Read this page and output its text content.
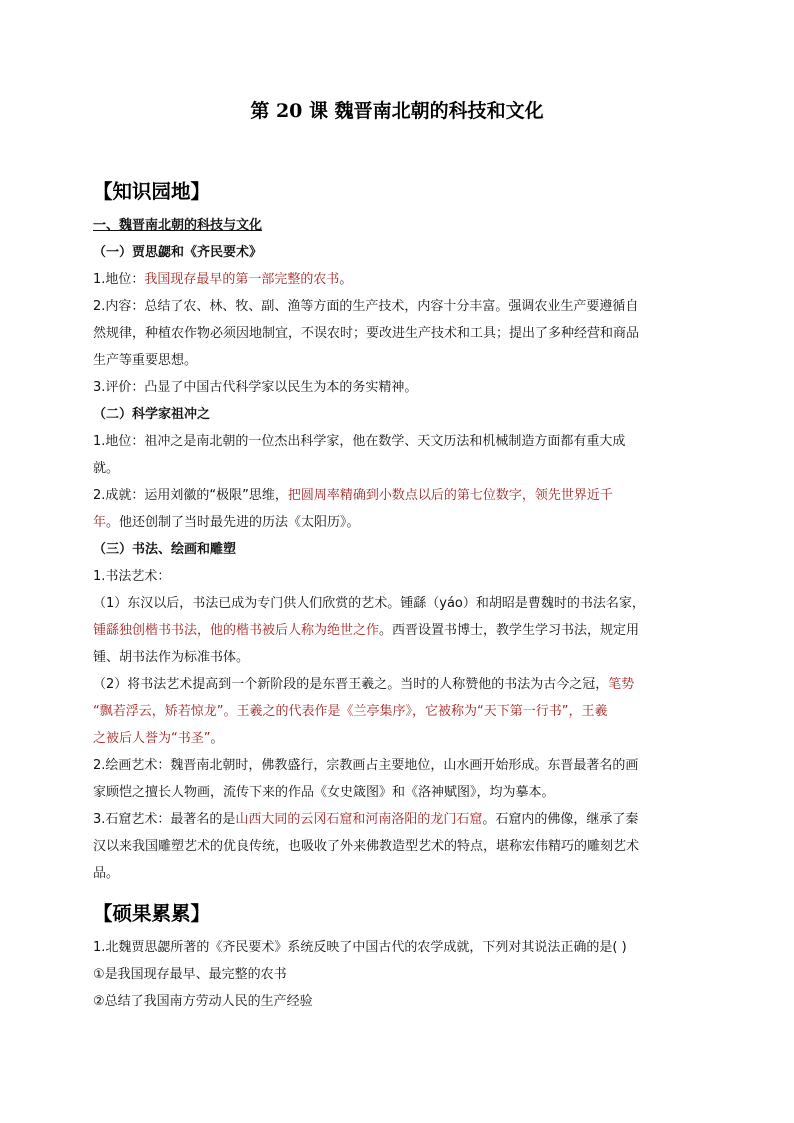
第 20 课 魏晋南北朝的科技和文化
【知识园地】

一、魏晋南北朝的科技与文化

（一）贾思勰和《齐民要术》

1.地位：我国现存最早的第一部完整的农书。

2.内容：总结了农、林、牧、副、渔等方面的生产技术，内容十分丰富。强调农业生产要遵循自

然规律，种植农作物必须因地制宜，不误农时；要改进生产技术和工具；提出了多种经营和商品

生产等重要思想。

3.评价：凸显了中国古代科学家以民生为本的务实精神。

（二）科学家祖冲之

1.地位：祖冲之是南北朝的一位杰出科学家，他在数学、天文历法和机械制造方面都有重大成

就。

2.成就：运用刘徽的“极限”思维，把圆周率精确到小数点以后的第七位数字，领先世界近千

年。他还创制了当时最先进的历法《太阳历》。

（三）书法、绘画和雕塑

1.书法艺术：

（1）东汉以后，书法已成为专门供人们欣赏的艺术。锺繇（yáo）和胡昭是曹魏时的书法名家，

锺繇独创楷书书法，他的楷书被后人称为绝世之作。西晋设置书博士，教学生学习书法，规定用

锺、胡书法作为标准书体。

（2）将书法艺术提高到一个新阶段的是东晋王羲之。当时的人称赞他的书法为古今之冠，笔势

“飘若浮云，矫若惊龙”。王羲之的代表作是《兰亭集序》，它被称为“天下第一行书”，王羲

之被后人誉为“书圣”。

2.绘画艺术：魏晋南北朝时，佛教盛行，宗教画占主要地位，山水画开始形成。东晋最著名的画

家顾恺之擅长人物画，流传下来的作品《女史箴图》和《洛神赋图》，均为摹本。

3.石窟艺术：最著名的是山西大同的云冈石窟和河南洛阳的龙门石窟。石窟内的佛像，继承了秦

汉以来我国雕塑艺术的优良传统，也吸收了外来佛教造型艺术的特点，堪称宏伟精巧的雕刻艺术

品。

【硕果累累】

1.北魏贾思勰所著的《齐民要术》系统反映了中国古代的农学成就，下列对其说法正确的是( )

①是我国现存最早、最完整的农书

②总结了我国南方劳动人民的生产经验
